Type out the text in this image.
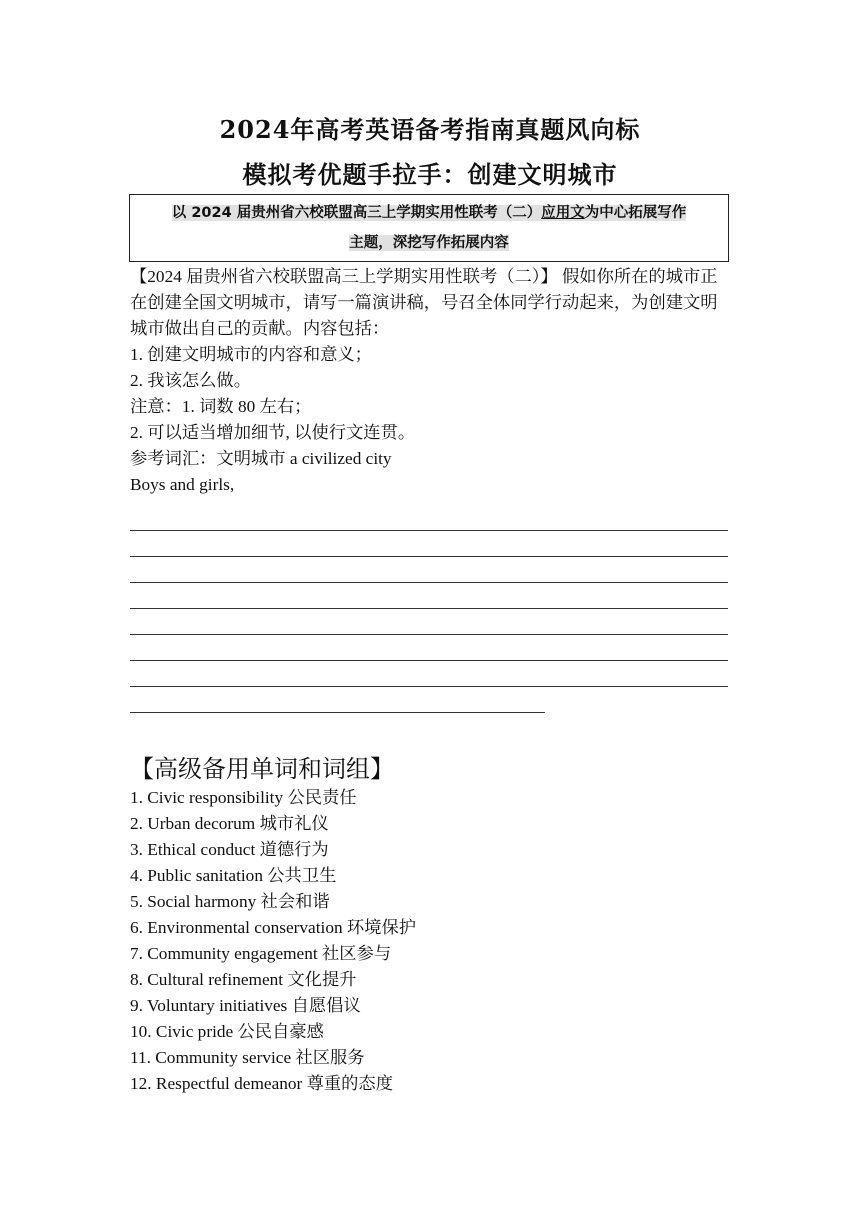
2024年高考英语备考指南真题风向标
模拟考优题手拉手：创建文明城市
以 2024 届贵州省六校联盟高三上学期实用性联考（二）应用文为中心拓展写作
主题，深挖写作拓展内容

【2024 届贵州省六校联盟高三上学期实用性联考（二）】 假如你所在的城市正在创建全国文明城市，请写一篇演讲稿，号召全体同学行动起来，为创建文明城市做出自己的贡献。内容包括：

1. 创建文明城市的内容和意义；

2. 我该怎么做。

注意：1. 词数 80 左右；

2. 可以适当增加细节, 以使行文连贯。

参考词汇：文明城市 a civilized city

Boys and girls,

【高级备用单词和词组】
1. Civic responsibility 公民责任
2. Urban decorum 城市礼仪
3. Ethical conduct 道德行为
4. Public sanitation 公共卫生
5. Social harmony 社会和谐
6. Environmental conservation 环境保护
7. Community engagement 社区参与
8. Cultural refinement 文化提升
9. Voluntary initiatives 自愿倡议
10. Civic pride 公民自豪感
11. Community service 社区服务
12. Respectful demeanor 尊重的态度
